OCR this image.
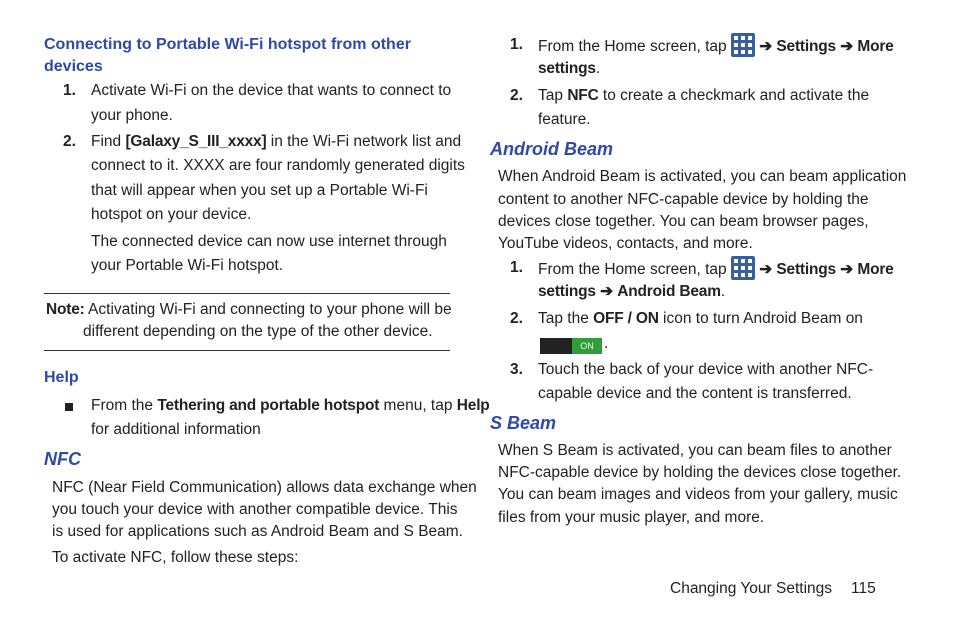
Connecting to Portable Wi-Fi hotspot from other
devices
1. Activate Wi-Fi on the device that wants to connect to
your phone.
2. Find [Galaxy_S_III_xxxx] in the Wi-Fi network list and
connect to it. XXXX are four randomly generated digits
that will appear when you set up a Portable Wi-Fi
hotspot on your device.
The connected device can now use internet through
your Portable Wi-Fi hotspot.
Note: Activating Wi-Fi and connecting to your phone will be
different depending on the type of the other device.
Help
From the Tethering and portable hotspot menu, tap Help
for additional information
NFC
NFC (Near Field Communication) allows data exchange when
you touch your device with another compatible device. This
is used for applications such as Android Beam and S Beam.
To activate NFC, follow these steps:
1. From the Home screen, tap
➔ Settings ➔ More
settings.
2. Tap NFC to create a checkmark and activate the
feature.
Android Beam
When Android Beam is activated, you can beam application
content to another NFC-capable device by holding the
devices close together. You can beam browser pages,
YouTube videos, contacts, and more.
1. From the Home screen, tap
➔ Settings ➔ More
settings ➔ Android Beam.
2. Tap the OFF / ON icon to turn Android Beam on
ON .
3. Touch the back of your device with another NFC-
capable device and the content is transferred.
S Beam
When S Beam is activated, you can beam files to another
NFC-capable device by holding the devices close together.
You can beam images and videos from your gallery, music
files from your music player, and more.
Changing Your Settings 115
